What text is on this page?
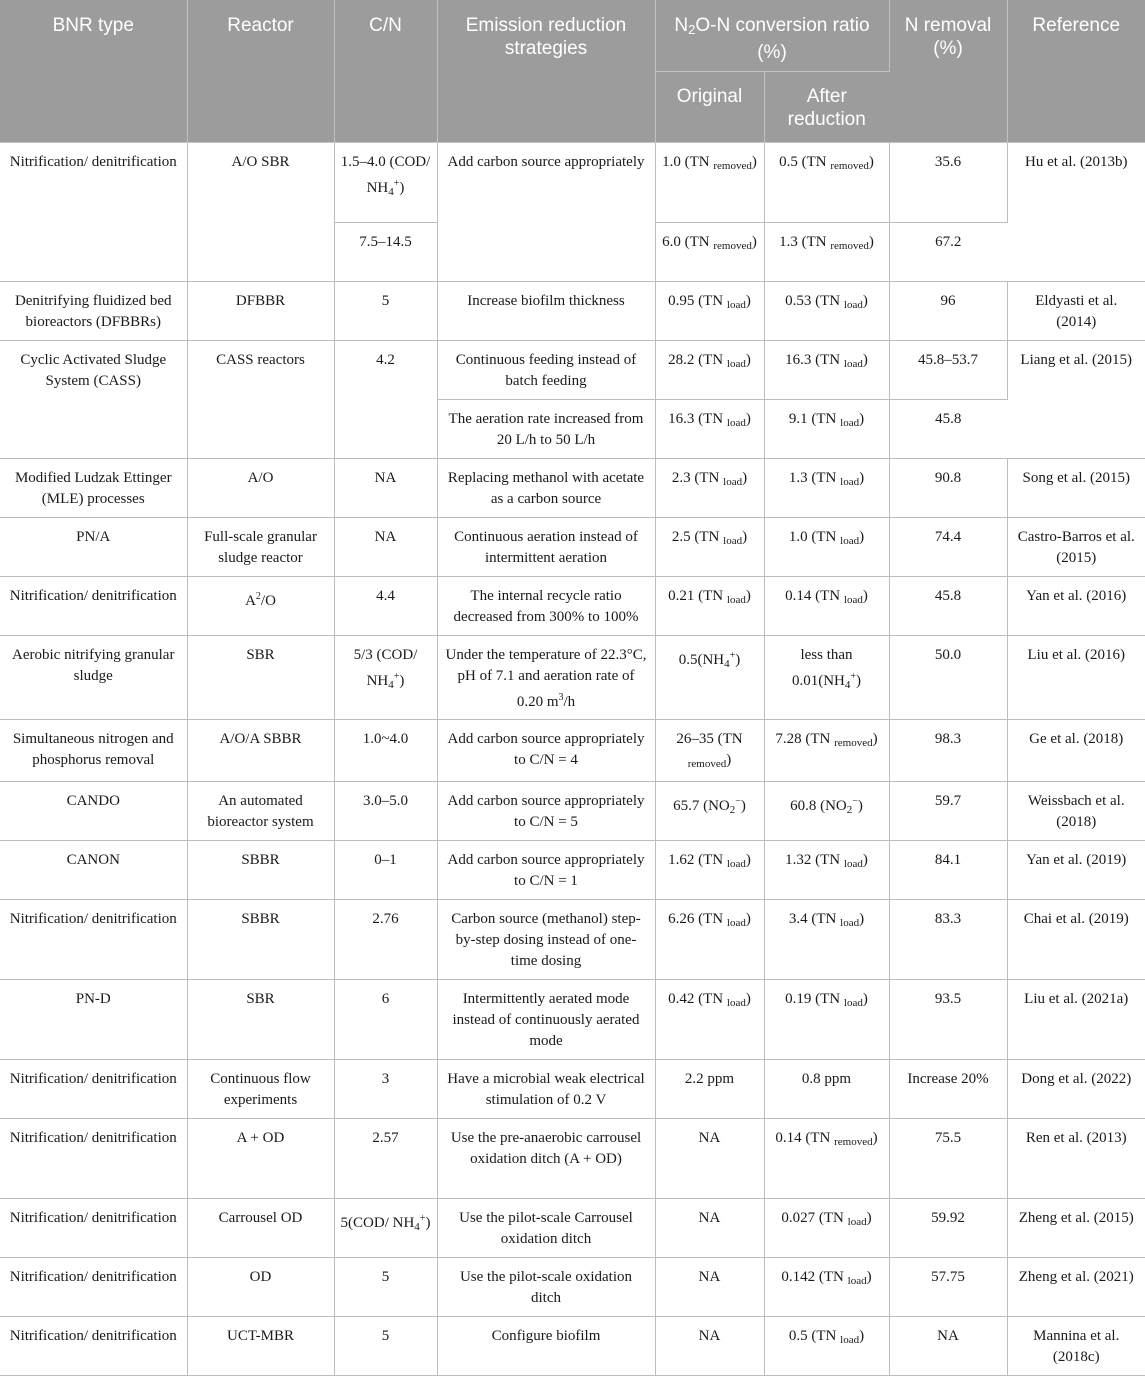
BNR type	Reactor	C/N	Emission reduction strategies	$N_2O-N$ conversion ratio (%)		N removal (%)	Reference
				Original	After reduction		
Nitrification/ denitrification	A/O SBR	1.5–4.0 (COD/ $NH_4^+$)	Add carbon source appropriately	1.0 (TN $_{removed}$)	0.5 (TN $_{removed}$)	35.6	Hu et al. (2013b)
		7.5–14.5		6.0 (TN $_{removed}$)	1.3 (TN $_{removed}$)	67.2	
Denitrifying fluidized bed bioreactors (DFBBRs)	DFBBR	5	Increase biofilm thickness	0.95 (TN $_{load}$)	0.53 (TN $_{load}$)	96	Eldyasti et al. (2014)
Cyclic Activated Sludge System (CASS)	CASS reactors	4.2	Continuous feeding instead of batch feeding	28.2 (TN $_{load}$)	16.3 (TN $_{load}$)	45.8–53.7	Liang et al. (2015)
			The aeration rate increased from 20 L/h to 50 L/h	16.3 (TN $_{load}$)	9.1 (TN $_{load}$)	45.8	
Modified Ludzak Ettinger (MLE) processes	A/O	NA	Replacing methanol with acetate as a carbon source	2.3 (TN $_{load}$)	1.3 (TN $_{load}$)	90.8	Song et al. (2015)
PN/A	Full-scale granular sludge reactor	NA	Continuous aeration instead of intermittent aeration	2.5 (TN $_{load}$)	1.0 (TN $_{load}$)	74.4	Castro-Barros et al. (2015)
Nitrification/ denitrification	$A^2/O$	4.4	The internal recycle ratio decreased from 300% to 100%	0.21 (TN $_{load}$)	0.14 (TN $_{load}$)	45.8	Yan et al. (2016)
Aerobic nitrifying granular sludge	SBR	5/3 (COD/ $NH_4^+$)	Under the temperature of 22.3°C, pH of 7.1 and aeration rate of 0.20 $m^3/h$	$0.5(NH_4^+)$	less than $0.01(NH_4^+)$	50.0	Liu et al. (2016)
Simultaneous nitrogen and phosphorus removal	A/O/A SBBR	1.0~4.0	Add carbon source appropriately to C/N = 4	26–35 (TN $_{removed}$)	7.28 (TN $_{removed}$)	98.3	Ge et al. (2018)
CANDO	An automated bioreactor system	3.0–5.0	Add carbon source appropriately to C/N = 5	65.7 $(NO_2^-)$	60.8 $(NO_2^-)$	59.7	Weissbach et al. (2018)
CANON	SBBR	0–1	Add carbon source appropriately to C/N = 1	1.62 (TN $_{load}$)	1.32 (TN $_{load}$)	84.1	Yan et al. (2019)
Nitrification/ denitrification	SBBR	2.76	Carbon source (methanol) step-by-step dosing instead of one-time dosing	6.26 (TN $_{load}$)	3.4 (TN $_{load}$)	83.3	Chai et al. (2019)
PN-D	SBR	6	Intermittently aerated mode instead of continuously aerated mode	0.42 (TN $_{load}$)	0.19 (TN $_{load}$)	93.5	Liu et al. (2021a)
Nitrification/ denitrification	Continuous flow experiments	3	Have a microbial weak electrical stimulation of 0.2 V	2.2 ppm	0.8 ppm	Increase 20%	Dong et al. (2022)
Nitrification/ denitrification	A + OD	2.57	Use the pre-anaerobic carrousel oxidation ditch (A + OD)	NA	0.14 (TN $_{removed}$)	75.5	Ren et al. (2013)
Nitrification/ denitrification	Carrousel OD	5(COD/ $NH_4^+$)	Use the pilot-scale Carrousel oxidation ditch	NA	0.027 (TN $_{load}$)	59.92	Zheng et al. (2015)
Nitrification/ denitrification	OD	5	Use the pilot-scale oxidation ditch	NA	0.142 (TN $_{load}$)	57.75	Zheng et al. (2021)
Nitrification/ denitrification	UCT-MBR	5	Configure biofilm	NA	0.5 (TN $_{load}$)	NA	Mannina et al. (2018c)
